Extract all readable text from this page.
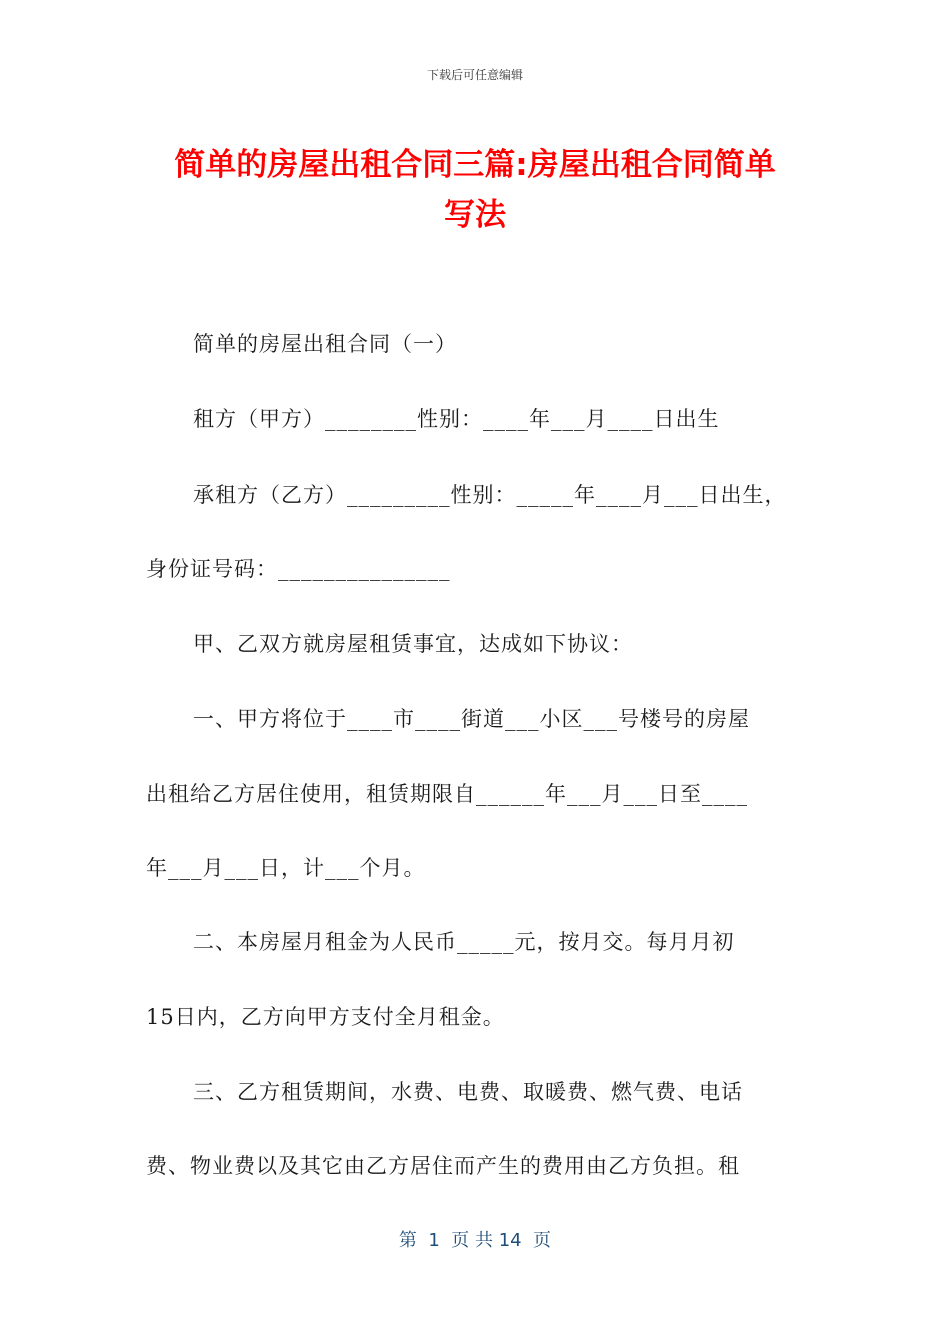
下载后可任意编辑
简单的房屋出租合同三篇:房屋出租合同简单
写法
简单的房屋出租合同（一）
租方（甲方）________性别：____年___月____日出生
承租方（乙方）_________性别：_____年____月___日出生，
身份证号码：_______________
甲、乙双方就房屋租赁事宜，达成如下协议：
一、甲方将位于____市____街道___小区___号楼号的房屋
出租给乙方居住使用，租赁期限自______年___月___日至____
年___月___日，计___个月。
二、本房屋月租金为人民币_____元，按月交。每月月初
15日内，乙方向甲方支付全月租金。
三、乙方租赁期间，水费、电费、取暖费、燃气费、电话
费、物业费以及其它由乙方居住而产生的费用由乙方负担。租
第  1  页 共 14  页
